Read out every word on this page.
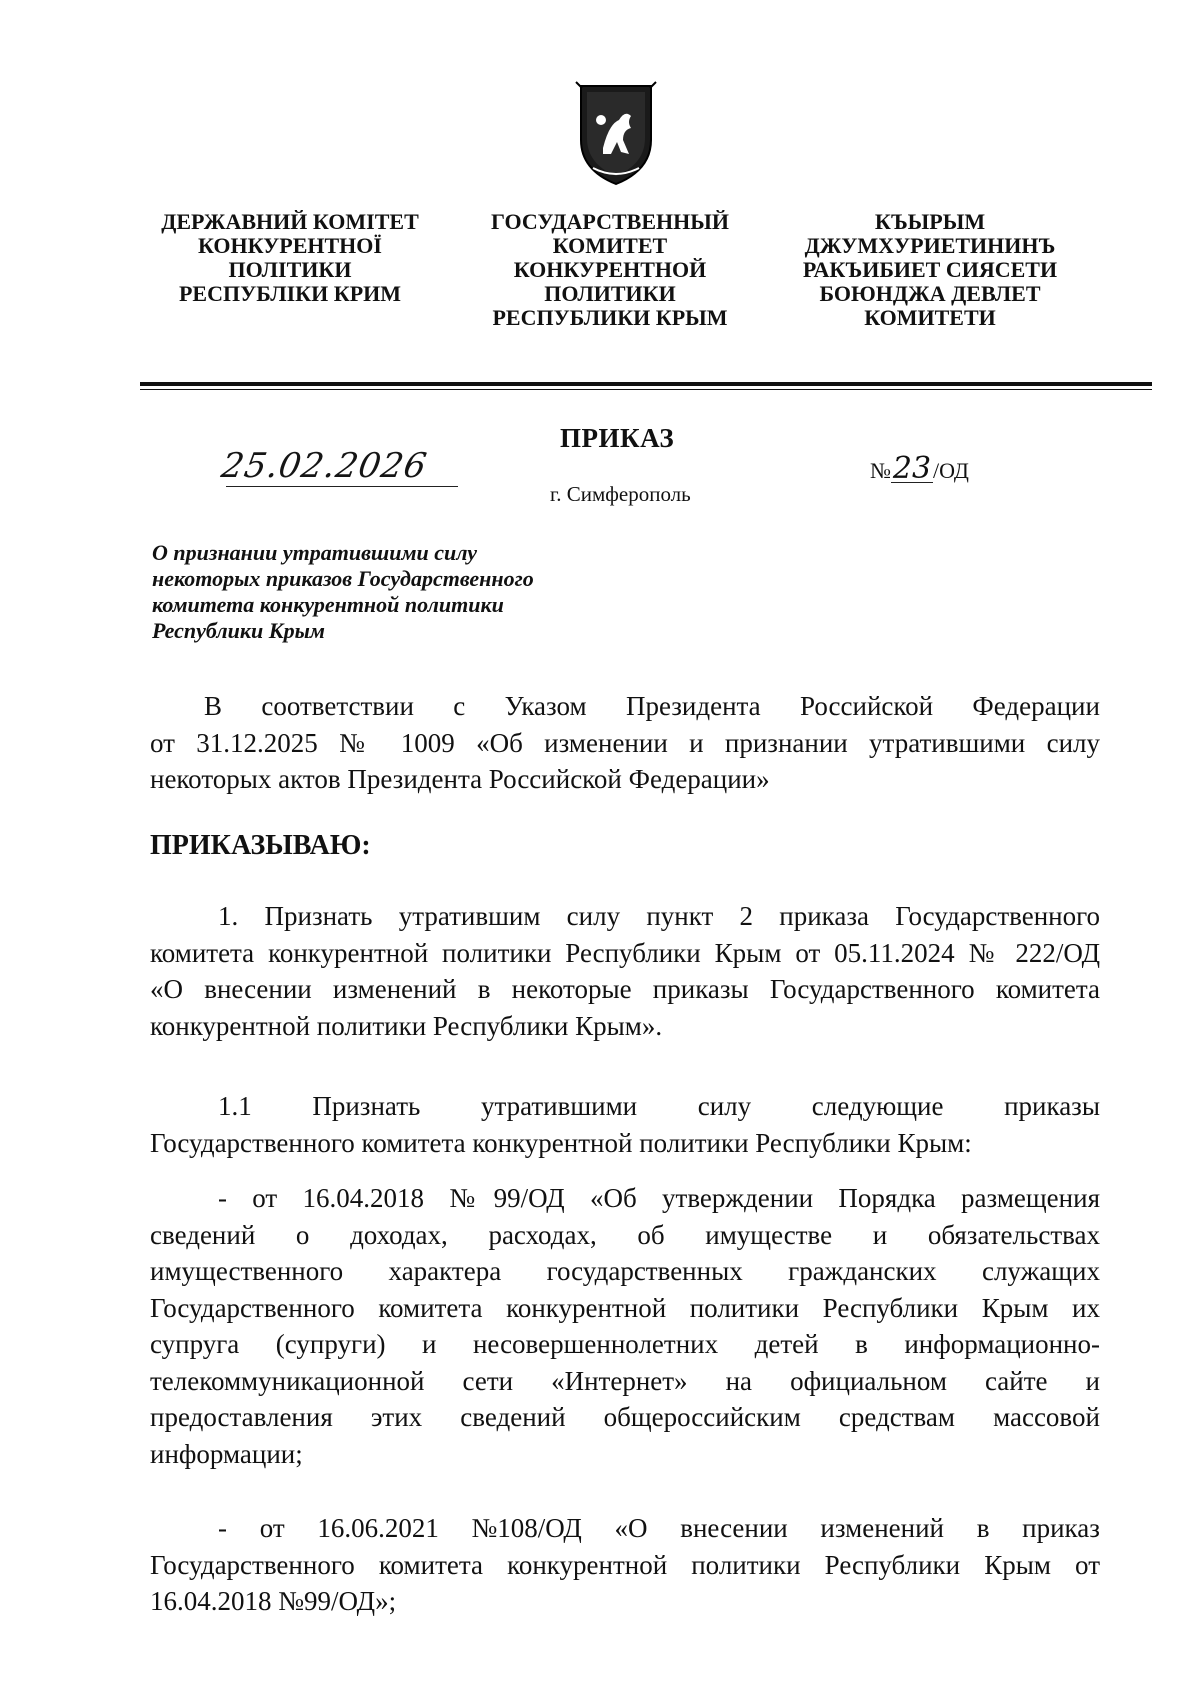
ДЕРЖАВНИЙ КОМІТЕТ
КОНКУРЕНТНОЇ
ПОЛІТИКИ
РЕСПУБЛІКИ КРИМ
ГОСУДАРСТВЕННЫЙ
КОМИТЕТ
КОНКУРЕНТНОЙ
ПОЛИТИКИ
РЕСПУБЛИКИ КРЫМ
КЪЫРЫМ
ДЖУМХУРИЕТИНИНЪ
РАКЪИБИЕТ СИЯСЕТИ
БОЮНДЖА ДЕВЛЕТ
КОМИТЕТИ
ПРИКАЗ
г. Симферополь
25.02.2026	№23/ОД
О признании утратившими силу
некоторых приказов Государственного
комитета конкурентной политики
Республики Крым
В соответствии с Указом Президента Российской Федерации
от 31.12.2025 № 1009 «Об изменении и признании утратившими силу
некоторых актов Президента Российской Федерации»
ПРИКАЗЫВАЮ:
1. Признать утратившим силу пункт 2 приказа Государственного
комитета конкурентной политики Республики Крым от 05.11.2024 № 222/ОД
«О внесении изменений в некоторые приказы Государственного комитета
конкурентной политики Республики Крым».
1.1 Признать утратившими силу следующие приказы
Государственного комитета конкурентной политики Республики Крым:
- от 16.04.2018 №99/ОД «Об утверждении Порядка размещения
сведений о доходах, расходах, об имуществе и обязательствах
имущественного характера государственных гражданских служащих
Государственного комитета конкурентной политики Республики Крым их
супруга (супруги) и несовершеннолетних детей в информационно-
телекоммуникационной сети «Интернет» на официальном сайте и
предоставления этих сведений общероссийским средствам массовой
информации;
- от 16.06.2021 №108/ОД «О внесении изменений в приказ
Государственного комитета конкурентной политики Республики Крым от
16.04.2018 №99/ОД»;
